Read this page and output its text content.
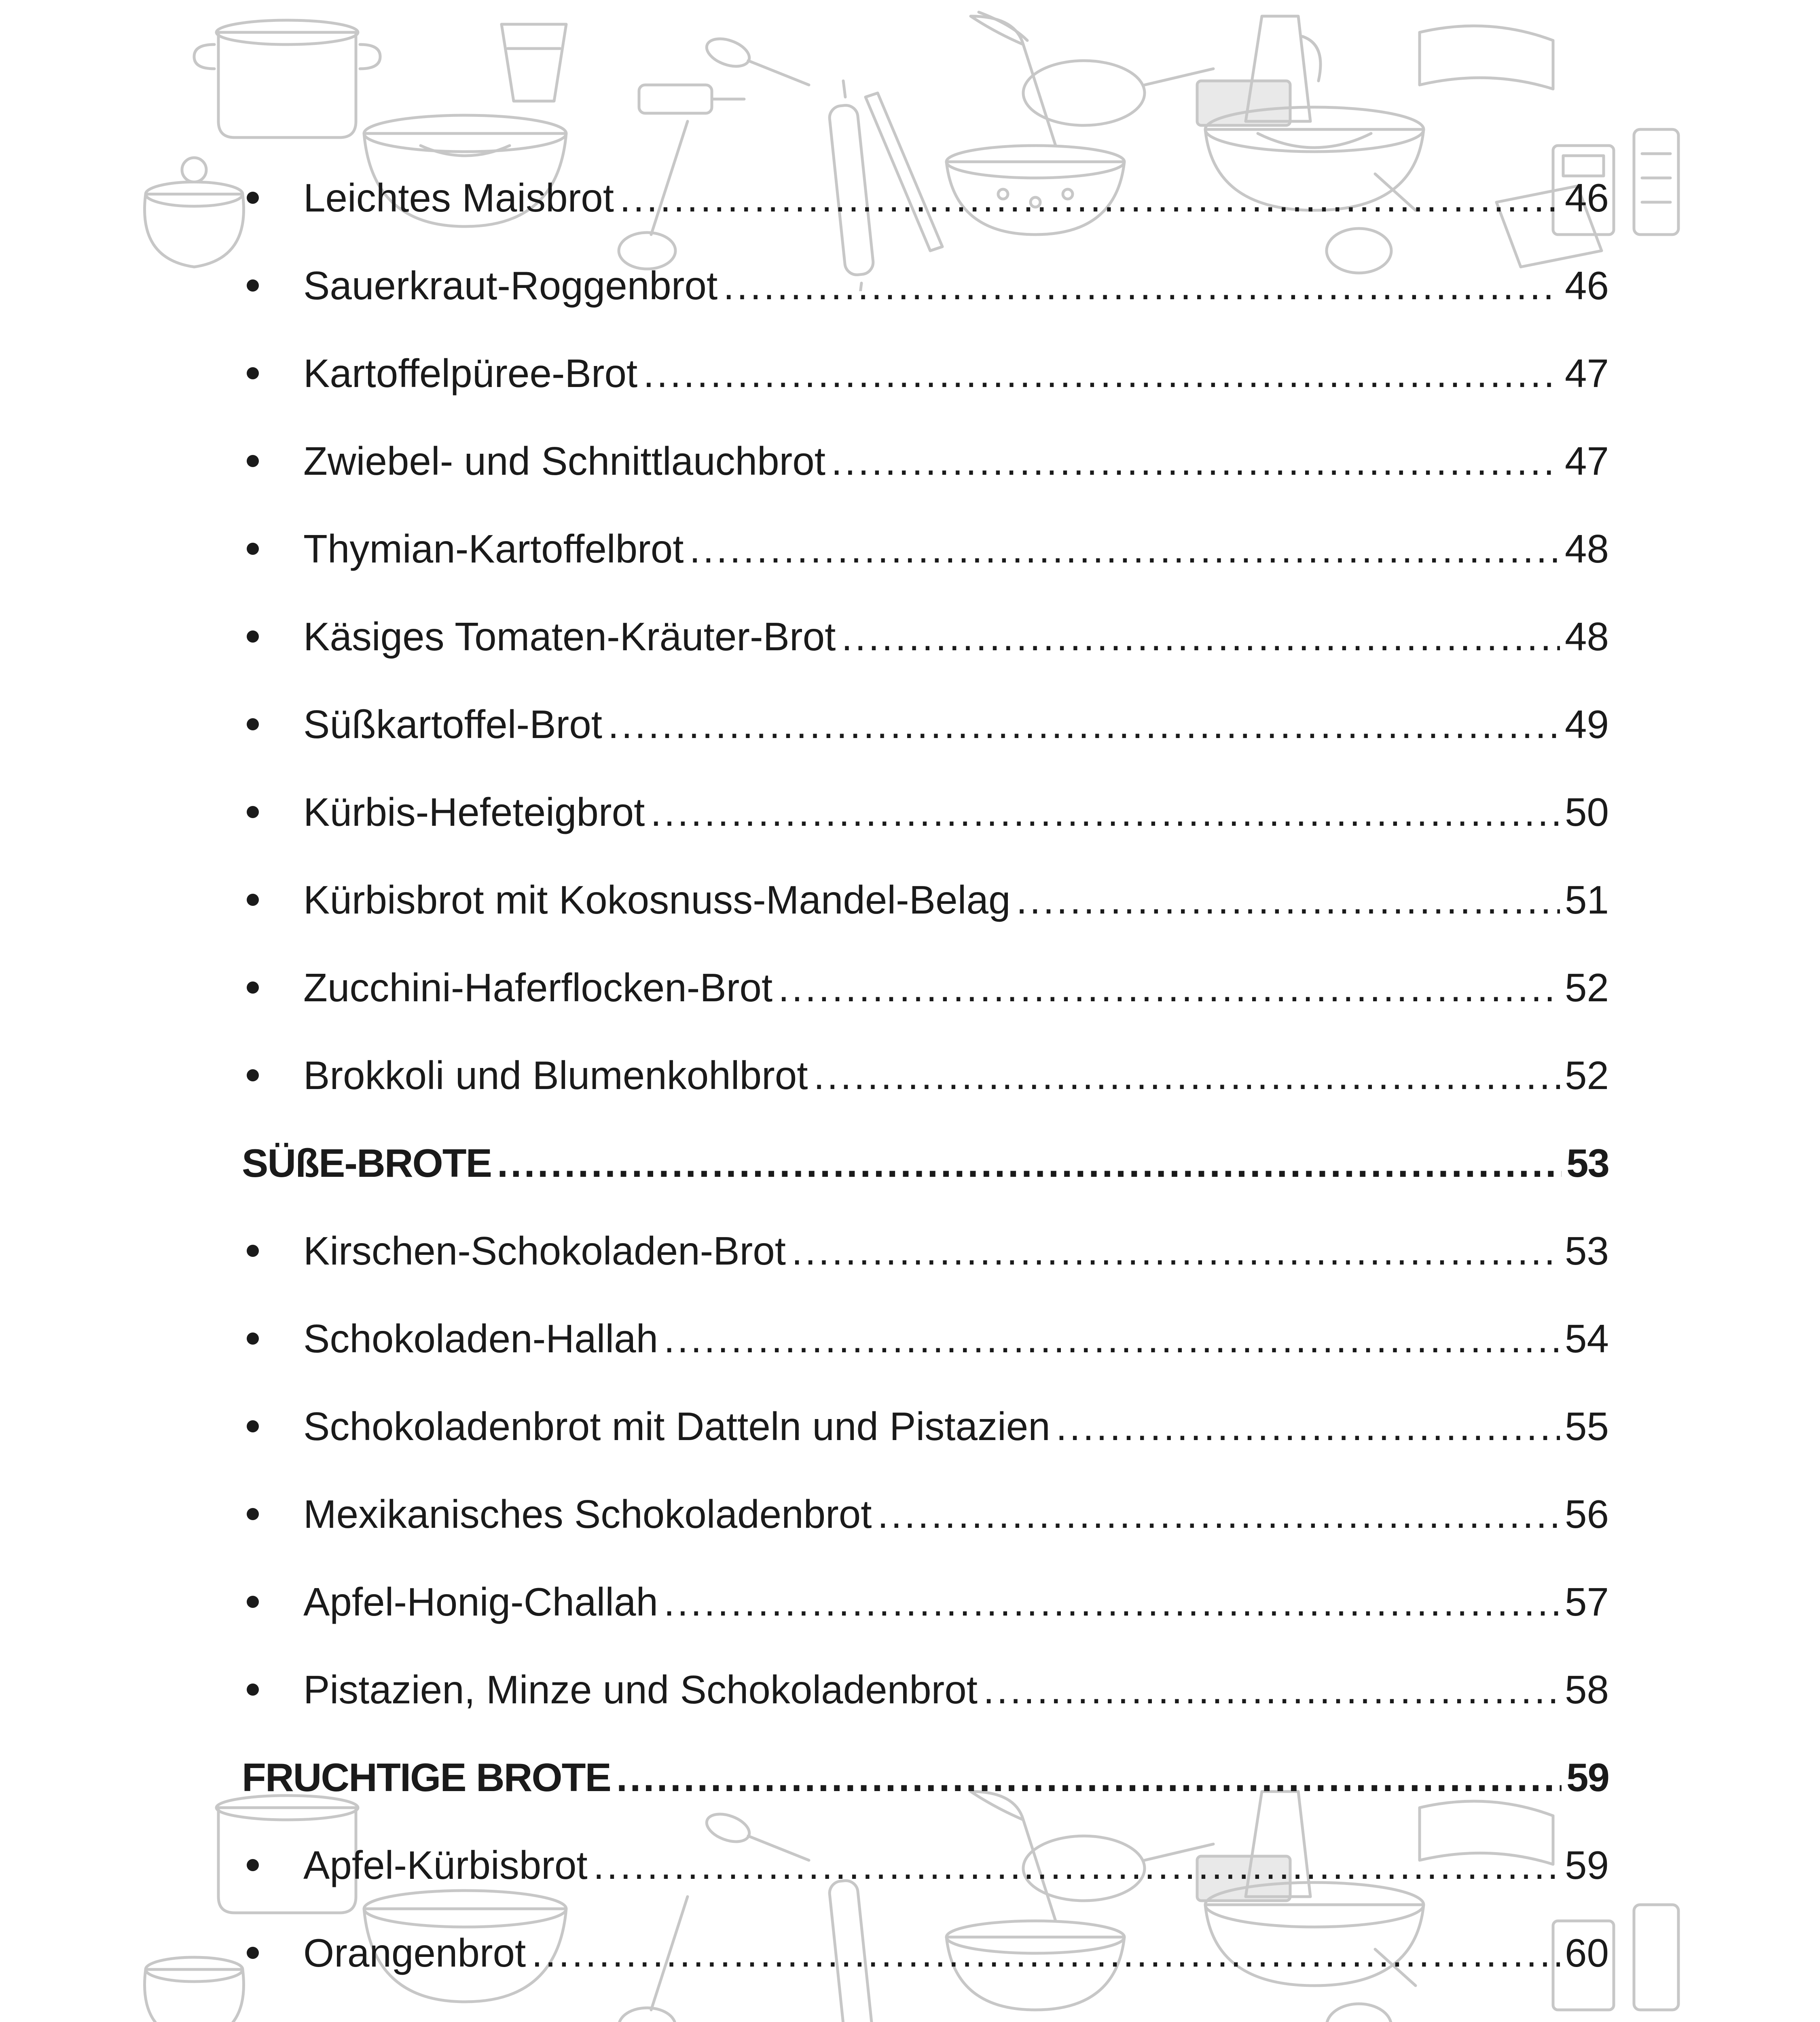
Leichtes Maisbrot .....	46
Sauerkraut-Roggenbrot .....	46
Kartoffelpüree-Brot .....	47
Zwiebel- und Schnittlauchbrot .....	47
Thymian-Kartoffelbrot .....	48
Käsiges Tomaten-Kräuter-Brot .....	48
Süßkartoffel-Brot .....	49
Kürbis-Hefeteigbrot .....	50
Kürbisbrot mit Kokosnuss-Mandel-Belag .....	51
Zucchini-Haferflocken-Brot .....	52
Brokkoli und Blumenkohlbrot .....	52
SÜßE-BROTE .....	53
Kirschen-Schokoladen-Brot .....	53
Schokoladen-Hallah .....	54
Schokoladenbrot mit Datteln und Pistazien .....	55
Mexikanisches Schokoladenbrot .....	56
Apfel-Honig-Challah .....	57
Pistazien, Minze und Schokoladenbrot .....	58
FRUCHTIGE BROTE .....	59
Apfel-Kürbisbrot .....	59
Orangenbrot .....	60
